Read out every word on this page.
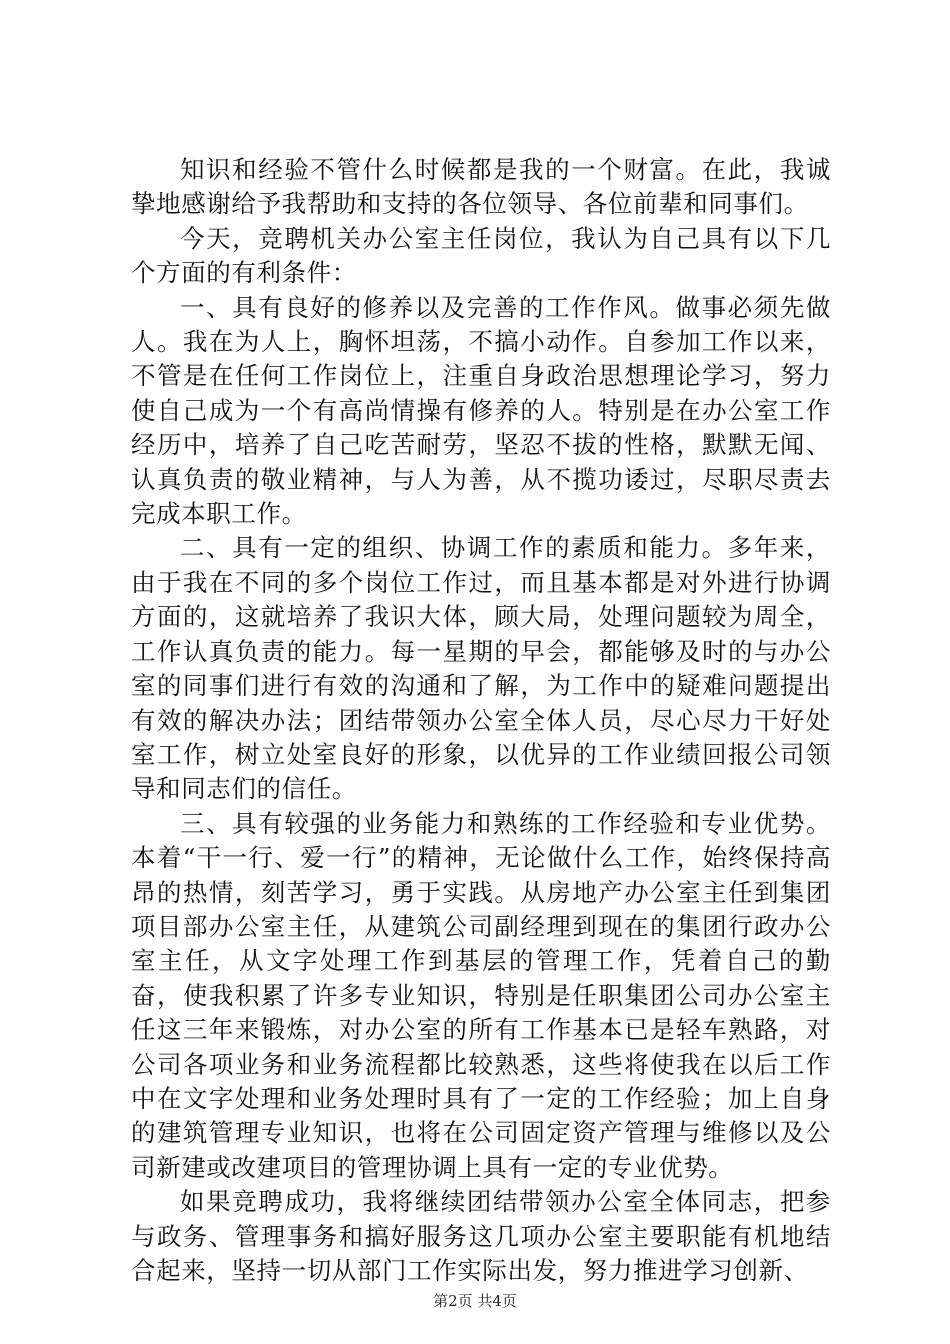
知识和经验不管什么时候都是我的一个财富。在此，我诚挚地感谢给予我帮助和支持的各位领导、各位前辈和同事们。

今天，竞聘机关办公室主任岗位，我认为自己具有以下几个方面的有利条件：

一、具有良好的修养以及完善的工作作风。做事必须先做人。我在为人上，胸怀坦荡，不搞小动作。自参加工作以来，不管是在任何工作岗位上，注重自身政治思想理论学习，努力使自己成为一个有高尚情操有修养的人。特别是在办公室工作经历中，培养了自己吃苦耐劳，坚忍不拔的性格，默默无闻、认真负责的敬业精神，与人为善，从不揽功诿过，尽职尽责去完成本职工作。

二、具有一定的组织、协调工作的素质和能力。多年来，由于我在不同的多个岗位工作过，而且基本都是对外进行协调方面的，这就培养了我识大体，顾大局，处理问题较为周全，工作认真负责的能力。每一星期的早会，都能够及时的与办公室的同事们进行有效的沟通和了解，为工作中的疑难问题提出有效的解决办法；团结带领办公室全体人员，尽心尽力干好处室工作，树立处室良好的形象，以优异的工作业绩回报公司领导和同志们的信任。

三、具有较强的业务能力和熟练的工作经验和专业优势。本着“干一行、爱一行”的精神，无论做什么工作，始终保持高昂的热情，刻苦学习，勇于实践。从房地产办公室主任到集团项目部办公室主任，从建筑公司副经理到现在的集团行政办公室主任，从文字处理工作到基层的管理工作，凭着自己的勤奋，使我积累了许多专业知识，特别是任职集团公司办公室主任这三年来锻炼，对办公室的所有工作基本已是轻车熟路，对公司各项业务和业务流程都比较熟悉，这些将使我在以后工作中在文字处理和业务处理时具有了一定的工作经验；加上自身的建筑管理专业知识，也将在公司固定资产管理与维修以及公司新建或改建项目的管理协调上具有一定的专业优势。

如果竞聘成功，我将继续团结带领办公室全体同志，把参与政务、管理事务和搞好服务这几项办公室主要职能有机地结合起来，坚持一切从部门工作实际出发，努力推进学习创新、

第2页 共4页
